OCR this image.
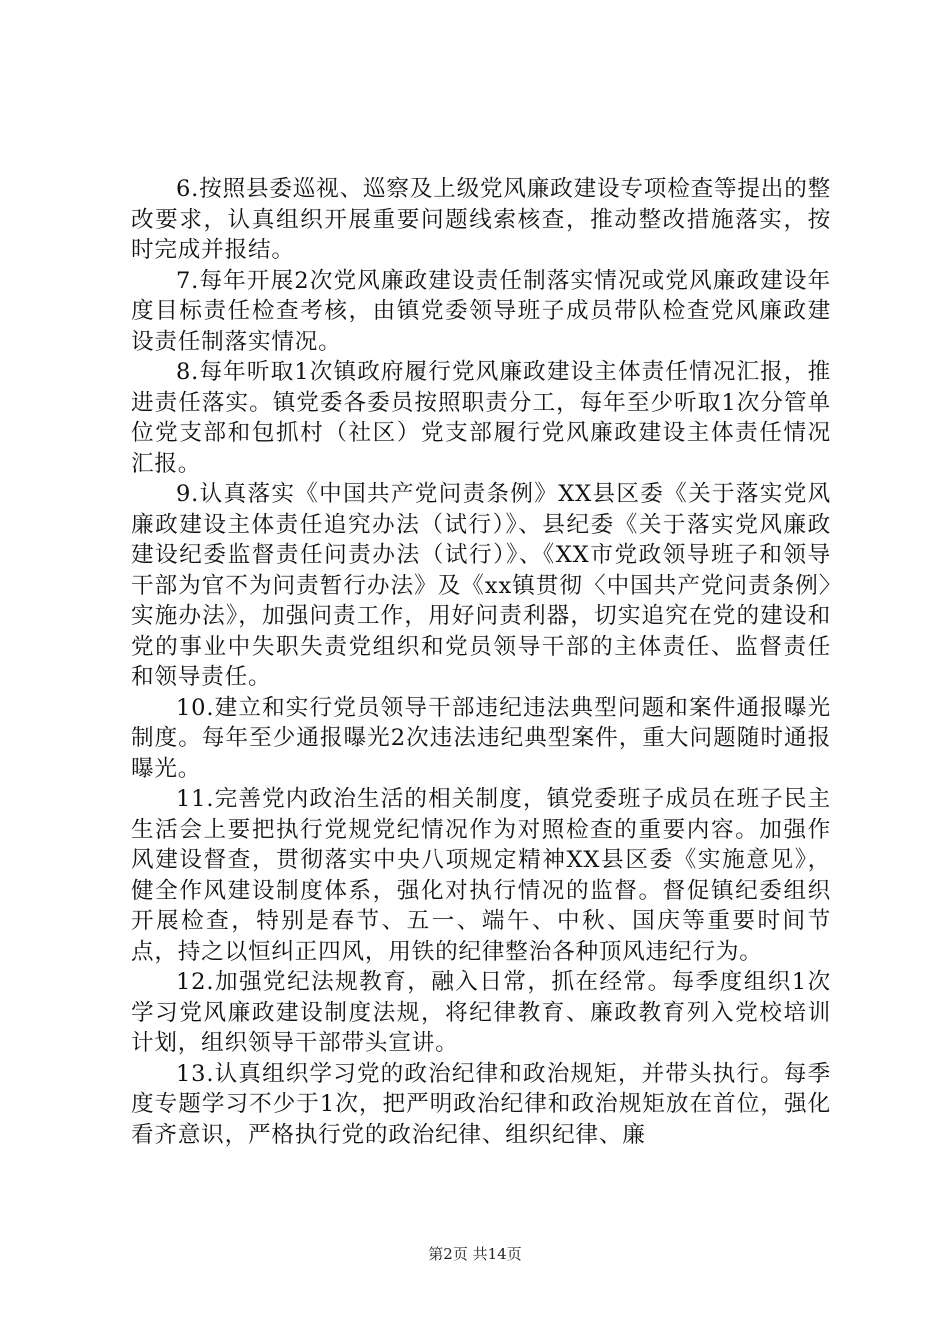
6.按照县委巡视、巡察及上级党风廉政建设专项检查等提出的整改要求，认真组织开展重要问题线索核查，推动整改措施落实，按时完成并报结。

7.每年开展2次党风廉政建设责任制落实情况或党风廉政建设年度目标责任检查考核，由镇党委领导班子成员带队检查党风廉政建设责任制落实情况。

8.每年听取1次镇政府履行党风廉政建设主体责任情况汇报，推进责任落实。镇党委各委员按照职责分工，每年至少听取1次分管单位党支部和包抓村（社区）党支部履行党风廉政建设主体责任情况汇报。

9.认真落实《中国共产党问责条例》XX县区委《关于落实党风廉政建设主体责任追究办法（试行）》、县纪委《关于落实党风廉政建设纪委监督责任问责办法（试行）》、《XX市党政领导班子和领导干部为官不为问责暂行办法》及《xx镇贯彻〈中国共产党问责条例〉实施办法》，加强问责工作，用好问责利器，切实追究在党的建设和党的事业中失职失责党组织和党员领导干部的主体责任、监督责任和领导责任。

10.建立和实行党员领导干部违纪违法典型问题和案件通报曝光制度。每年至少通报曝光2次违法违纪典型案件，重大问题随时通报曝光。

11.完善党内政治生活的相关制度，镇党委班子成员在班子民主生活会上要把执行党规党纪情况作为对照检查的重要内容。加强作风建设督查，贯彻落实中央八项规定精神XX县区委《实施意见》，健全作风建设制度体系，强化对执行情况的监督。督促镇纪委组织开展检查，特别是春节、五一、端午、中秋、国庆等重要时间节点，持之以恒纠正四风，用铁的纪律整治各种顶风违纪行为。

12.加强党纪法规教育，融入日常，抓在经常。每季度组织1次学习党风廉政建设制度法规，将纪律教育、廉政教育列入党校培训计划，组织领导干部带头宣讲。

13.认真组织学习党的政治纪律和政治规矩，并带头执行。每季度专题学习不少于1次，把严明政治纪律和政治规矩放在首位，强化看齐意识，严格执行党的政治纪律、组织纪律、廉

第2页 共14页
